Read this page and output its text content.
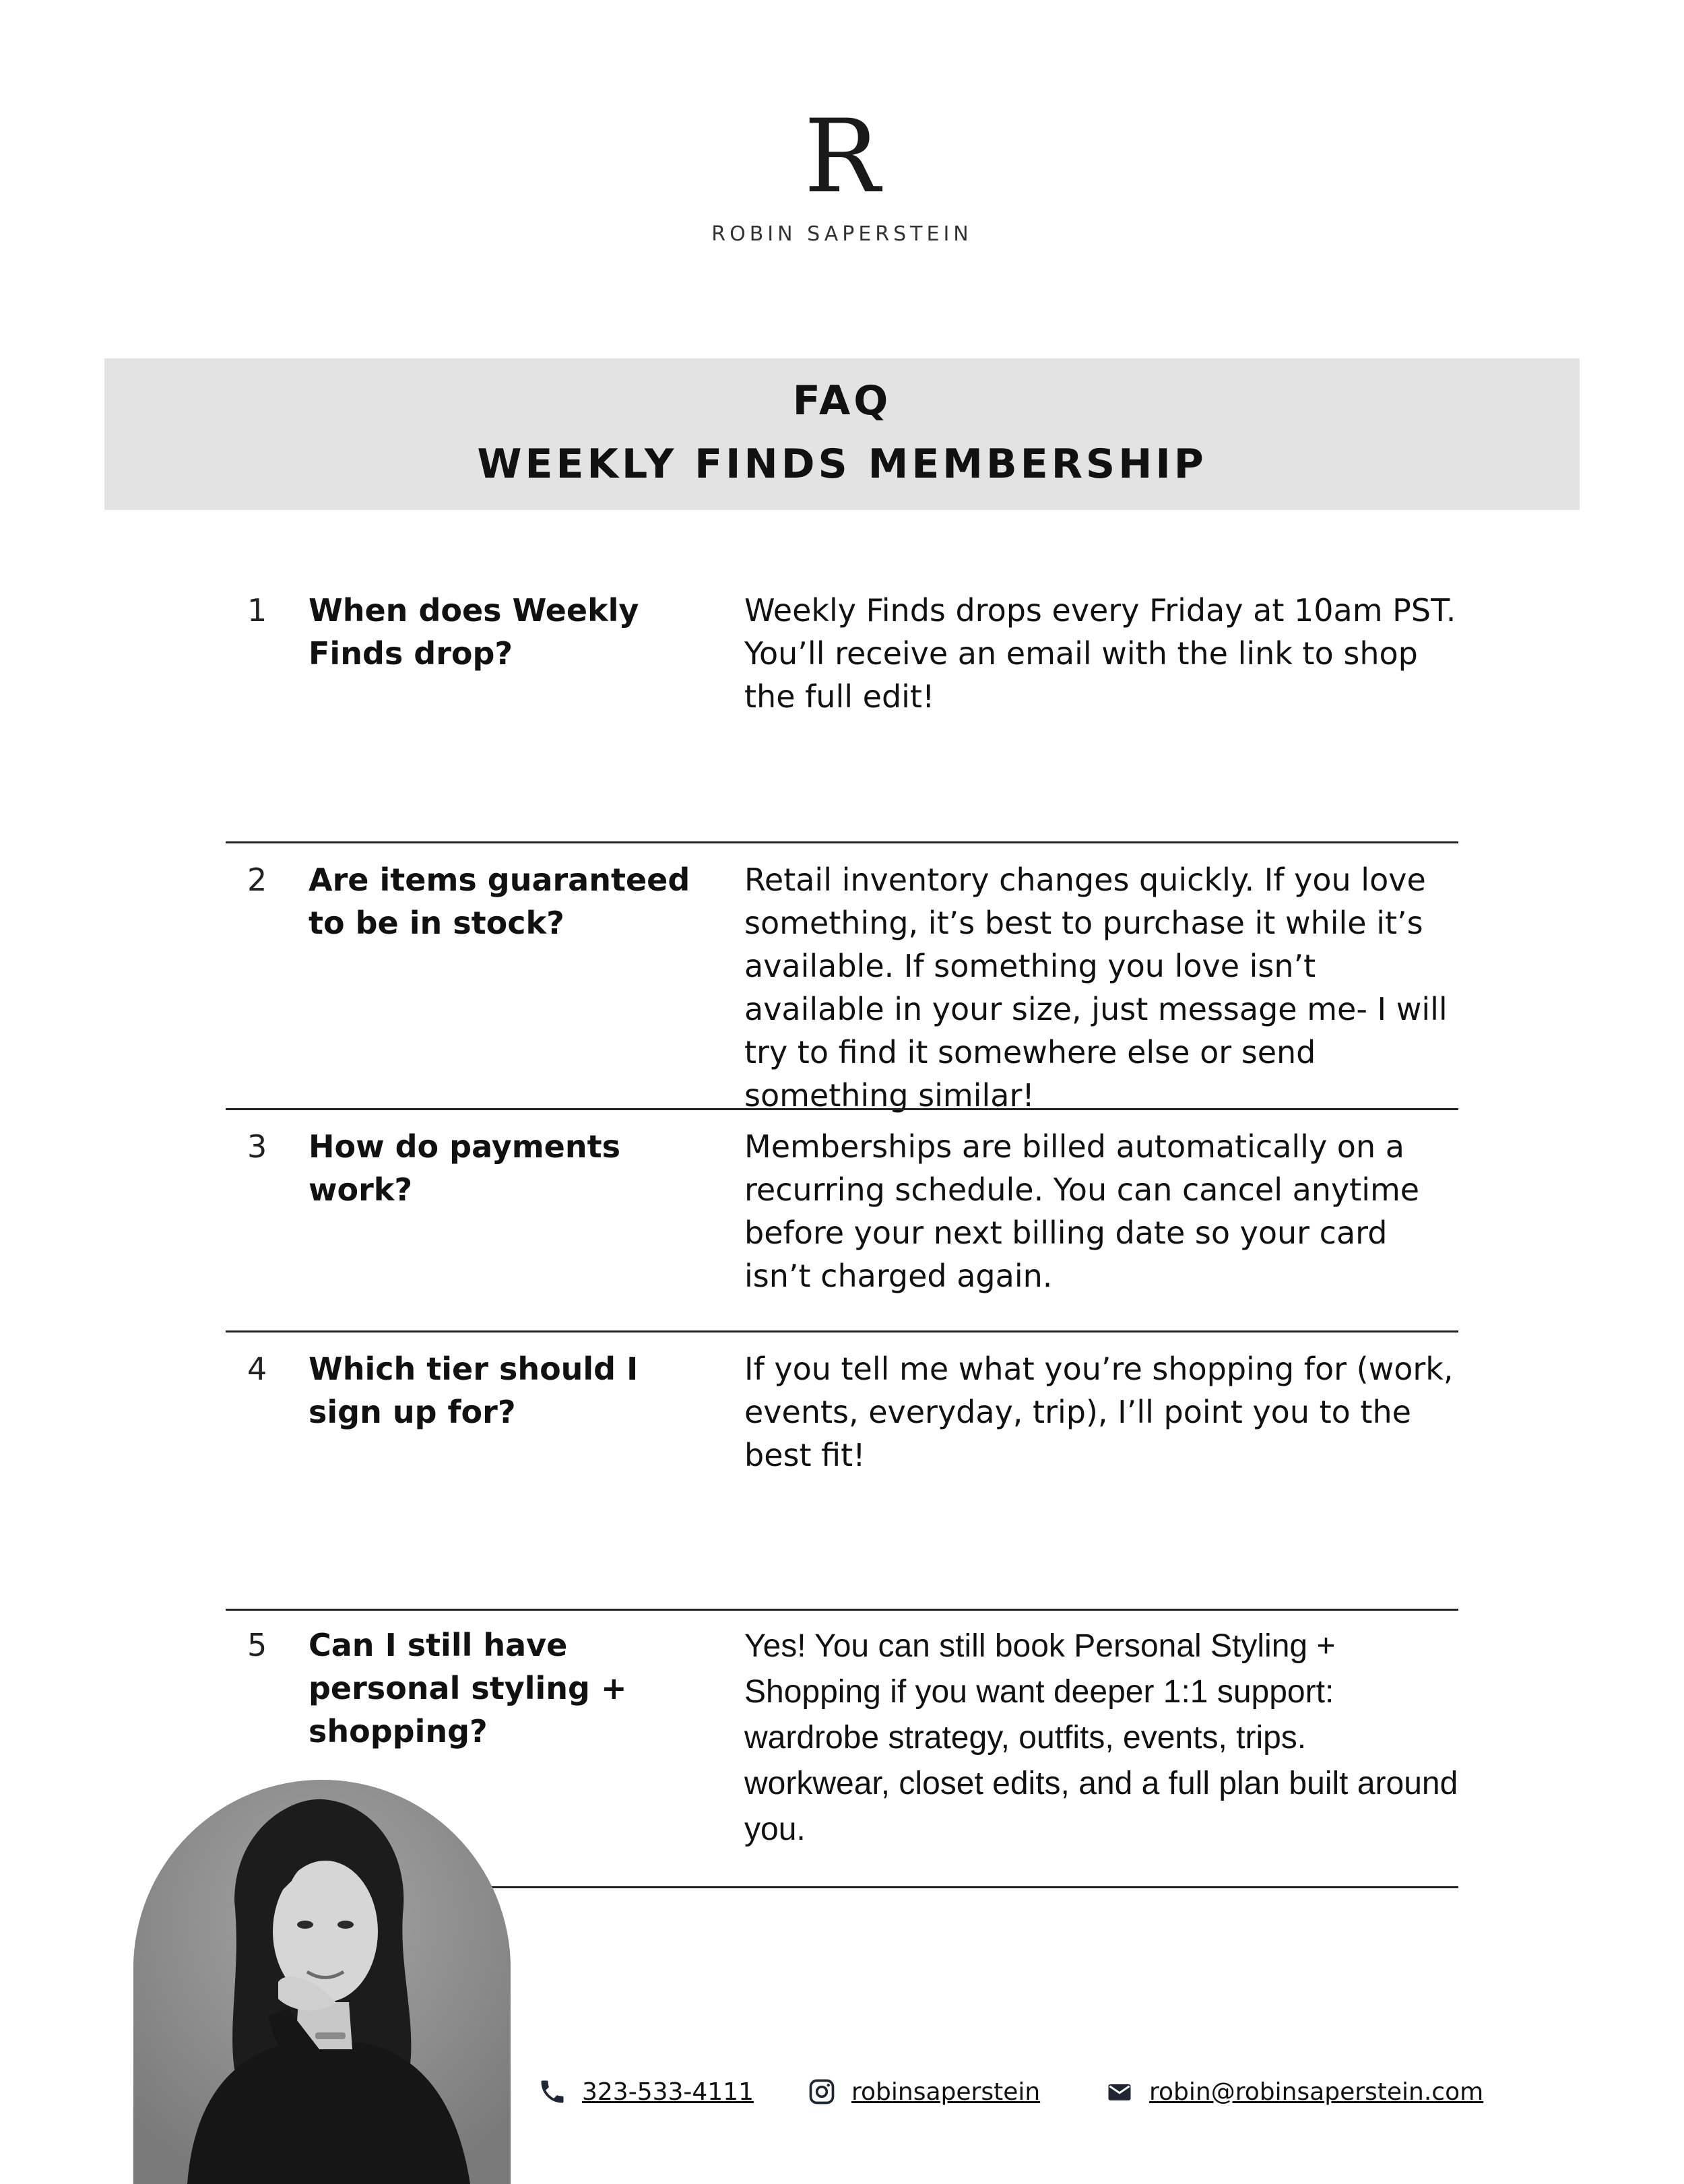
R
ROBIN SAPERSTEIN
FAQ
WEEKLY FINDS MEMBERSHIP
1 When does Weekly Finds drop?
Weekly Finds drops every Friday at 10am PST. You’ll receive an email with the link to shop the full edit!
2 Are items guaranteed to be in stock?
Retail inventory changes quickly. If you love something, it’s best to purchase it while it’s available. If something you love isn’t available in your size, just message me- I will try to find it somewhere else or send something similar!
3 How do payments work?
Memberships are billed automatically on a recurring schedule. You can cancel anytime before your next billing date so your card isn’t charged again.
4 Which tier should I sign up for?
If you tell me what you’re shopping for (work, events, everyday, trip), I’ll point you to the best fit!
5 Can I still have personal styling + shopping?
Yes! You can still book Personal Styling + Shopping if you want deeper 1:1 support: wardrobe strategy, outfits, events, trips. workwear, closet edits, and a full plan built around you.
323-533-4111	robinsaperstein	robin@robinsaperstein.com
